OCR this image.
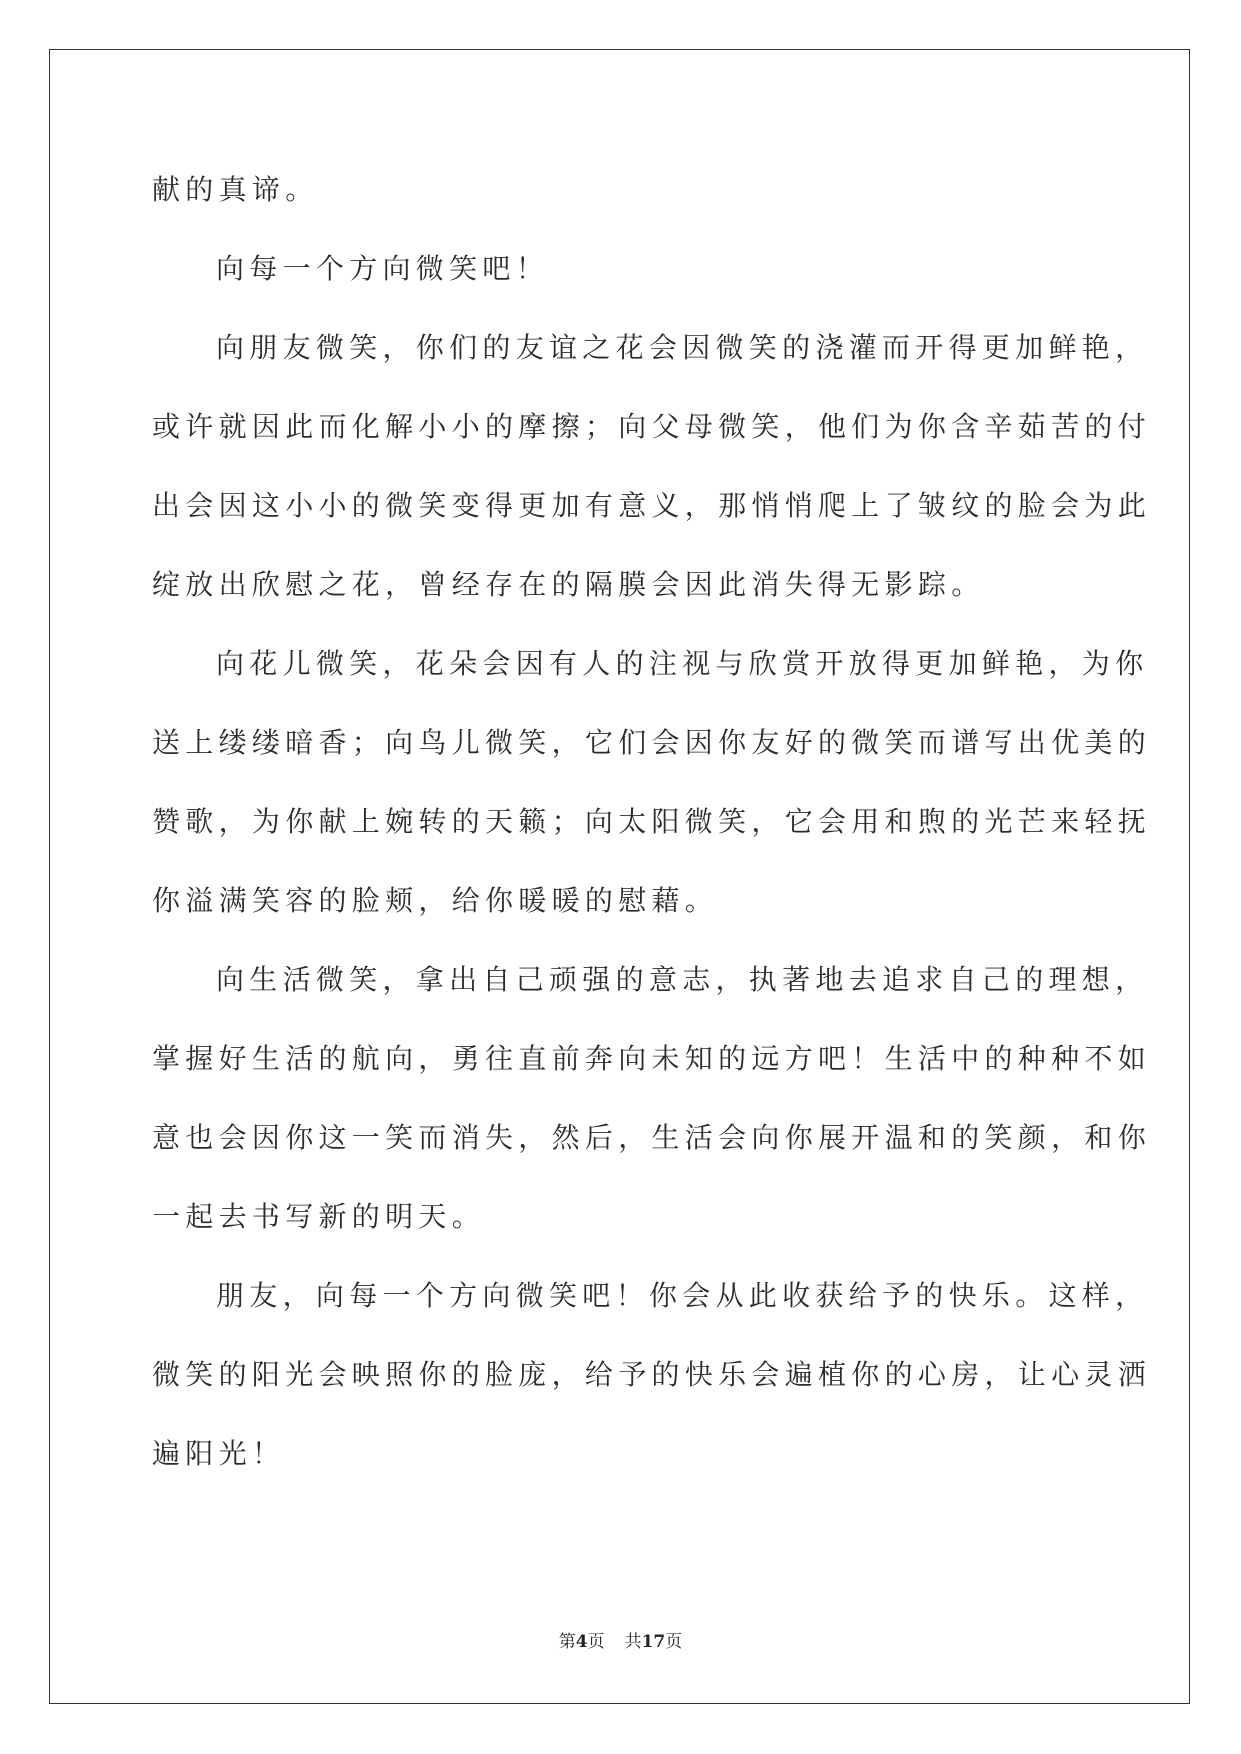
献的真谛。
向每一个方向微笑吧！
向朋友微笑，你们的友谊之花会因微笑的浇灌而开得更加鲜艳，
或许就因此而化解小小的摩擦；向父母微笑，他们为你含辛茹苦的付
出会因这小小的微笑变得更加有意义，那悄悄爬上了皱纹的脸会为此
绽放出欣慰之花，曾经存在的隔膜会因此消失得无影踪。
向花儿微笑，花朵会因有人的注视与欣赏开放得更加鲜艳，为你
送上缕缕暗香；向鸟儿微笑，它们会因你友好的微笑而谱写出优美的
赞歌，为你献上婉转的天籁；向太阳微笑，它会用和煦的光芒来轻抚
你溢满笑容的脸颊，给你暖暖的慰藉。
向生活微笑，拿出自己顽强的意志，执著地去追求自己的理想，
掌握好生活的航向，勇往直前奔向未知的远方吧！生活中的种种不如
意也会因你这一笑而消失，然后，生活会向你展开温和的笑颜，和你
一起去书写新的明天。
朋友，向每一个方向微笑吧！你会从此收获给予的快乐。这样，
微笑的阳光会映照你的脸庞，给予的快乐会遍植你的心房，让心灵洒
遍阳光！
第4页 共17页
